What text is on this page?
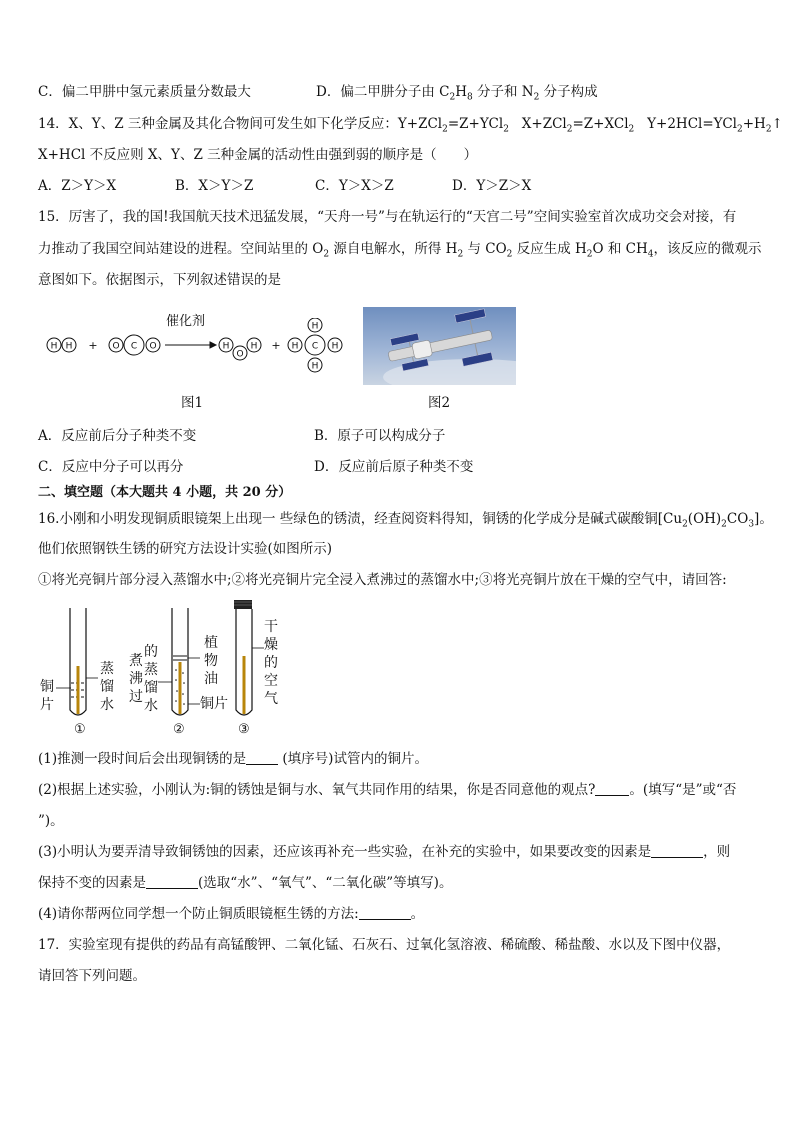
C．偏二甲肼中氢元素质量分数最大	D．偏二甲肼分子由 $C_2H_8$ 分子和 $N_2$ 分子构成
14．X、Y、Z 三种金属及其化合物间可发生如下化学反应：Y+ZCl$_2$=Z+YCl$_2$   X+ZCl$_2$=Z+XCl$_2$   $Y+2HCl=YCl_2+H_2↑$
X+HCl 不反应则 X、Y、Z 三种金属的活动性由强到弱的顺序是（　　）
A．Z＞Y＞X	B．X＞Y＞Z	C．Y＞X＞Z	D．Y＞Z＞X
15．厉害了，我的国!我国航天技术迅猛发展，“天舟一号”与在轨运行的“天宫二号”空间实验室首次成功交会对接，有
力推动了我国空间站建设的进程。空间站里的 $O_2$ 源自电解水，所得 $H_2$ 与 $CO_2$ 反应生成 $H_2O$ 和 $CH_4$，该反应的微观示
意图如下。依据图示，下列叙述错误的是
H H + O C O	H
O
H +
H
H C H
H
催化剂
图1	图2
A．反应前后分子种类不变	B．原子可以构成分子
C．反应中分子可以再分	D．反应前后原子种类不变
二、填空题（本大题共 4 小题，共 20 分）
16.小刚和小明发现铜质眼镜架上出现一 些绿色的锈渍，经查阅资料得知，铜锈的化学成分是碱式碳酸铜$[Cu_2(OH)_2CO_3]$。
他们依照钢铁生锈的研究方法设计实验(如图所示)
①将光亮铜片部分浸入蒸馏水中;②将光亮铜片完全浸入煮沸过的蒸馏水中;③将光亮铜片放在干燥的空气中，请回答:
铜片
蒸馏水
的
蒸
馏
水
煮
沸
过
植物油
铜片
干燥的空气
①	②	③
(1)推测一段时间后会出现铜锈的是 (填序号)试管内的铜片。
(2)根据上述实验，小刚认为:铜的锈蚀是铜与水、氧气共同作用的结果，你是否同意他的观点?	。(填写“是”或“否
”)。
(3)小明认为要弄清导致铜锈蚀的因素，还应该再补充一些实验，在补充的实验中，如果要改变的因素是	，则
保持不变的因素是	(选取“水”、“氧气”、“二氧化碳”等填写)。
(4)请你帮两位同学想一个防止铜质眼镜框生锈的方法:	。
17．实验室现有提供的药品有高锰酸钾、二氧化锰、石灰石、过氧化氢溶液、稀硫酸、稀盐酸、水以及下图中仪器，
请回答下列问题。
